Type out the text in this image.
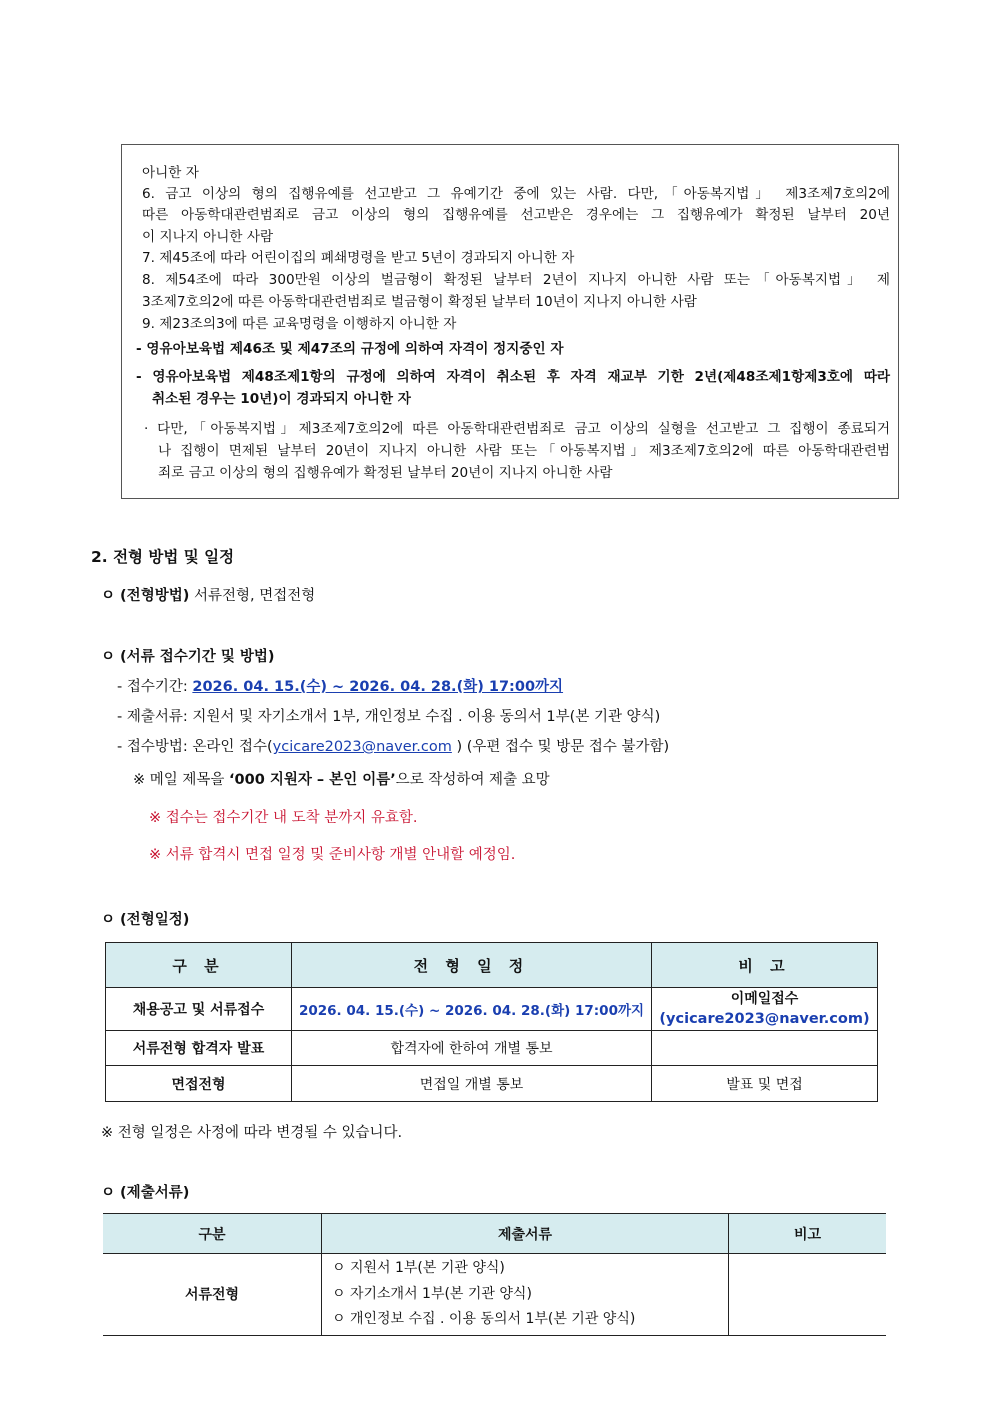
아니한 자
6. 금고 이상의 형의 집행유예를 선고받고 그 유예기간 중에 있는 사람. 다만,「아동복지법」 제3조제7호의2에
따른 아동학대관련범죄로 금고 이상의 형의 집행유예를 선고받은 경우에는 그 집행유예가 확정된 날부터 20년
이 지나지 아니한 사람
7. 제45조에 따라 어린이집의 폐쇄명령을 받고 5년이 경과되지 아니한 자
8. 제54조에 따라 300만원 이상의 벌금형이 확정된 날부터 2년이 지나지 아니한 사람 또는「아동복지법」 제
3조제7호의2에 따른 아동학대관련범죄로 벌금형이 확정된 날부터 10년이 지나지 아니한 사람
9. 제23조의3에 따른 교육명령을 이행하지 아니한 자
- 영유아보육법 제46조 및 제47조의 규정에 의하여 자격이 정지중인 자
- 영유아보육법 제48조제1항의 규정에 의하여 자격이 취소된 후 자격 재교부 기한 2년(제48조제1항제3호에 따라
취소된 경우는 10년)이 경과되지 아니한 자
· 다만,「아동복지법」제3조제7호의2에 따른 아동학대관련범죄로 금고 이상의 실형을 선고받고 그 집행이 종료되거
나 집행이 면제된 날부터 20년이 지나지 아니한 사람 또는「아동복지법」제3조제7호의2에 따른 아동학대관련범
죄로 금고 이상의 형의 집행유예가 확정된 날부터 20년이 지나지 아니한 사람
2. 전형 방법 및 일정
ㅇ (전형방법) 서류전형, 면접전형
ㅇ (서류 접수기간 및 방법)
- 접수기간: 2026. 04. 15.(수) ~ 2026. 04. 28.(화) 17:00까지
- 제출서류: 지원서 및 자기소개서 1부, 개인정보 수집 . 이용 동의서 1부(본 기관 양식)
- 접수방법: 온라인 접수(ycicare2023@naver.com ) (우편 접수 및 방문 접수 불가함)
※ 메일 제목을 ‘000 지원자 – 본인 이름’으로 작성하여 제출 요망
※ 접수는 접수기간 내 도착 분까지 유효함.
※ 서류 합격시 면접 일정 및 준비사항 개별 안내할 예정임.
ㅇ (전형일정)
구 분	전 형 일 정	비 고
채용공고 및 서류접수	2026. 04. 15.(수) ~ 2026. 04. 28.(화) 17:00까지	이메일접수
(ycicare2023@naver.com)

서류전형 합격자 발표	합격자에 한하여 개별 통보	
면접전형	면접일 개별 통보	발표 및 면접
※ 전형 일정은 사정에 따라 변경될 수 있습니다.
ㅇ (제출서류)
구분	제출서류	비고
서류전형	ㅇ 지원서 1부(본 기관 양식)
ㅇ 자기소개서 1부(본 기관 양식)
ㅇ 개인정보 수집 . 이용 동의서 1부(본 기관 양식)	
